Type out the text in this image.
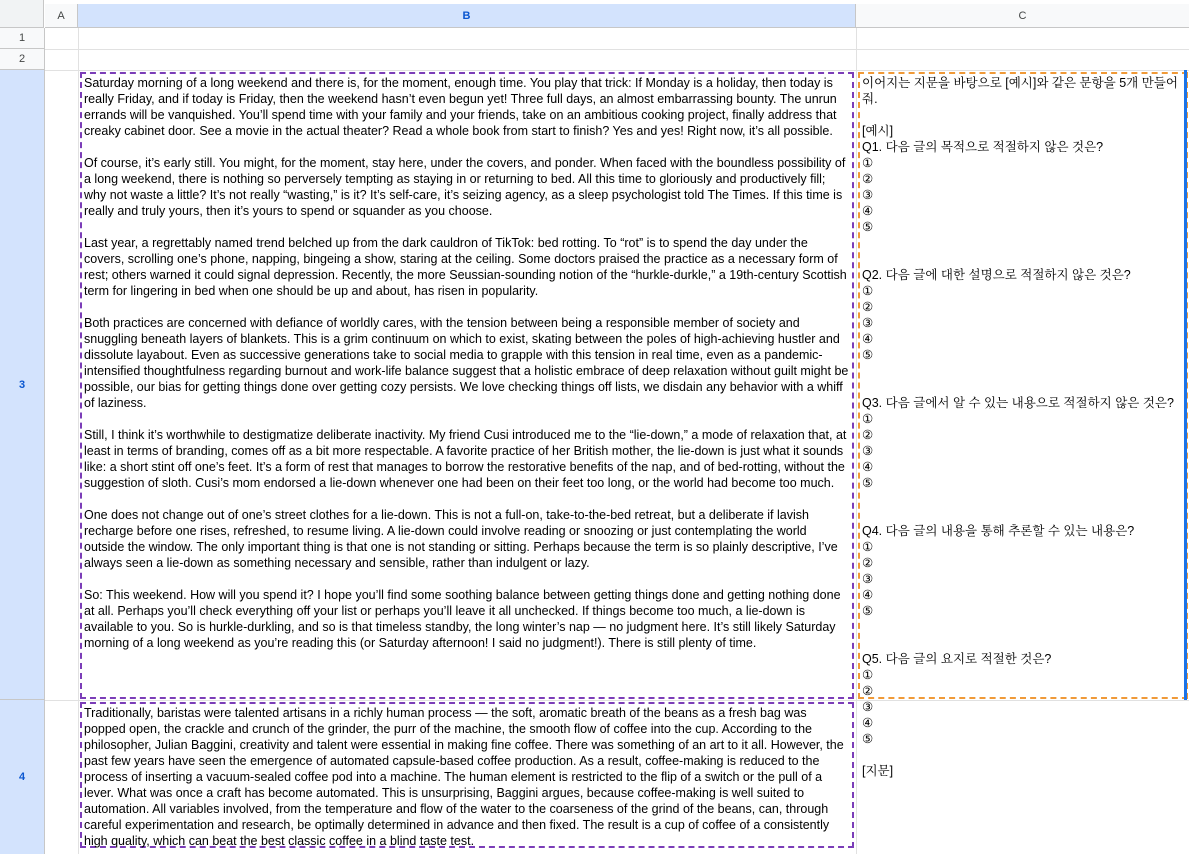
A	B	C
1
2
3
4
Saturday morning of a long weekend and there is, for the moment, enough time. You play that trick: If Monday is a holiday, then today is really Friday, and if today is Friday, then the weekend hasn’t even begun yet! Three full days, an almost embarrassing bounty. The unrun errands will be vanquished. You’ll spend time with your family and your friends, take on an ambitious cooking project, finally address that creaky cabinet door. See a movie in the actual theater? Read a whole book from start to finish? Yes and yes! Right now, it’s all possible.

Of course, it’s early still. You might, for the moment, stay here, under the covers, and ponder. When faced with the boundless possibility of a long weekend, there is nothing so perversely tempting as staying in or returning to bed. All this time to gloriously and productively fill; why not waste a little? It’s not really “wasting,” is it? It’s self-care, it’s seizing agency, as a sleep psychologist told The Times. If this time is really and truly yours, then it’s yours to spend or squander as you choose.

Last year, a regrettably named trend belched up from the dark cauldron of TikTok: bed rotting. To “rot” is to spend the day under the covers, scrolling one’s phone, napping, bingeing a show, staring at the ceiling. Some doctors praised the practice as a necessary form of rest; others warned it could signal depression. Recently, the more Seussian-sounding notion of the “hurkle-durkle,” a 19th-century Scottish term for lingering in bed when one should be up and about, has risen in popularity.

Both practices are concerned with defiance of worldly cares, with the tension between being a responsible member of society and snuggling beneath layers of blankets. This is a grim continuum on which to exist, skating between the poles of high-achieving hustler and dissolute layabout. Even as successive generations take to social media to grapple with this tension in real time, even as a pandemic-intensified thoughtfulness regarding burnout and work-life balance suggest that a holistic embrace of deep relaxation without guilt might be possible, our bias for getting things done over getting cozy persists. We love checking things off lists, we disdain any behavior with a whiff of laziness.

Still, I think it’s worthwhile to destigmatize deliberate inactivity. My friend Cusi introduced me to the “lie-down,” a mode of relaxation that, at least in terms of branding, comes off as a bit more respectable. A favorite practice of her British mother, the lie-down is just what it sounds like: a short stint off one’s feet. It’s a form of rest that manages to borrow the restorative benefits of the nap, and of bed-rotting, without the suggestion of sloth. Cusi’s mom endorsed a lie-down whenever one had been on their feet too long, or the world had become too much.

One does not change out of one’s street clothes for a lie-down. This is not a full-on, take-to-the-bed retreat, but a deliberate if lavish recharge before one rises, refreshed, to resume living. A lie-down could involve reading or snoozing or just contemplating the world outside the window. The only important thing is that one is not standing or sitting. Perhaps because the term is so plainly descriptive, I’ve always seen a lie-down as something necessary and sensible, rather than indulgent or lazy.

So: This weekend. How will you spend it? I hope you’ll find some soothing balance between getting things done and getting nothing done at all. Perhaps you’ll check everything off your list or perhaps you’ll leave it all unchecked. If things become too much, a lie-down is available to you. So is hurkle-durkling, and so is that timeless standby, the long winter’s nap — no judgment here. It’s still likely Saturday morning of a long weekend as you’re reading this (or Saturday afternoon! I said no judgment!). There is still plenty of time.
이어지는 지문을 바탕으로 [예시]와 같은 문항을 5개 만들어줘.

[예시]
Q1. 다음 글의 목적으로 적절하지 않은 것은?
①
②
③
④
⑤

Q2. 다음 글에 대한 설명으로 적절하지 않은 것은?
①
②
③
④
⑤

Q3. 다음 글에서 알 수 있는 내용으로 적절하지 않은 것은?
①
②
③
④
⑤

Q4. 다음 글의 내용을 통해 추론할 수 있는 내용은?
①
②
③
④
⑤

Q5. 다음 글의 요지로 적절한 것은?
①
②
③
④
⑤

[지문]
Traditionally, baristas were talented artisans in a richly human process — the soft, aromatic breath of the beans as a fresh bag was popped open, the crackle and crunch of the grinder, the purr of the machine, the smooth flow of coffee into the cup. According to the philosopher, Julian Baggini, creativity and talent were essential in making fine coffee. There was something of an art to it all. However, the past few years have seen the emergence of automated capsule-based coffee production. As a result, coffee-making is reduced to the process of inserting a vacuum-sealed coffee pod into a machine. The human element is restricted to the flip of a switch or the pull of a lever. What was once a craft has become automated. This is unsurprising, Baggini argues, because coffee-making is well suited to automation. All variables involved, from the temperature and flow of the water to the coarseness of the grind of the beans, can, through careful experimentation and research, be optimally determined in advance and then fixed. The result is a cup of coffee of a consistently high quality, which can beat the best classic coffee in a blind taste test.
